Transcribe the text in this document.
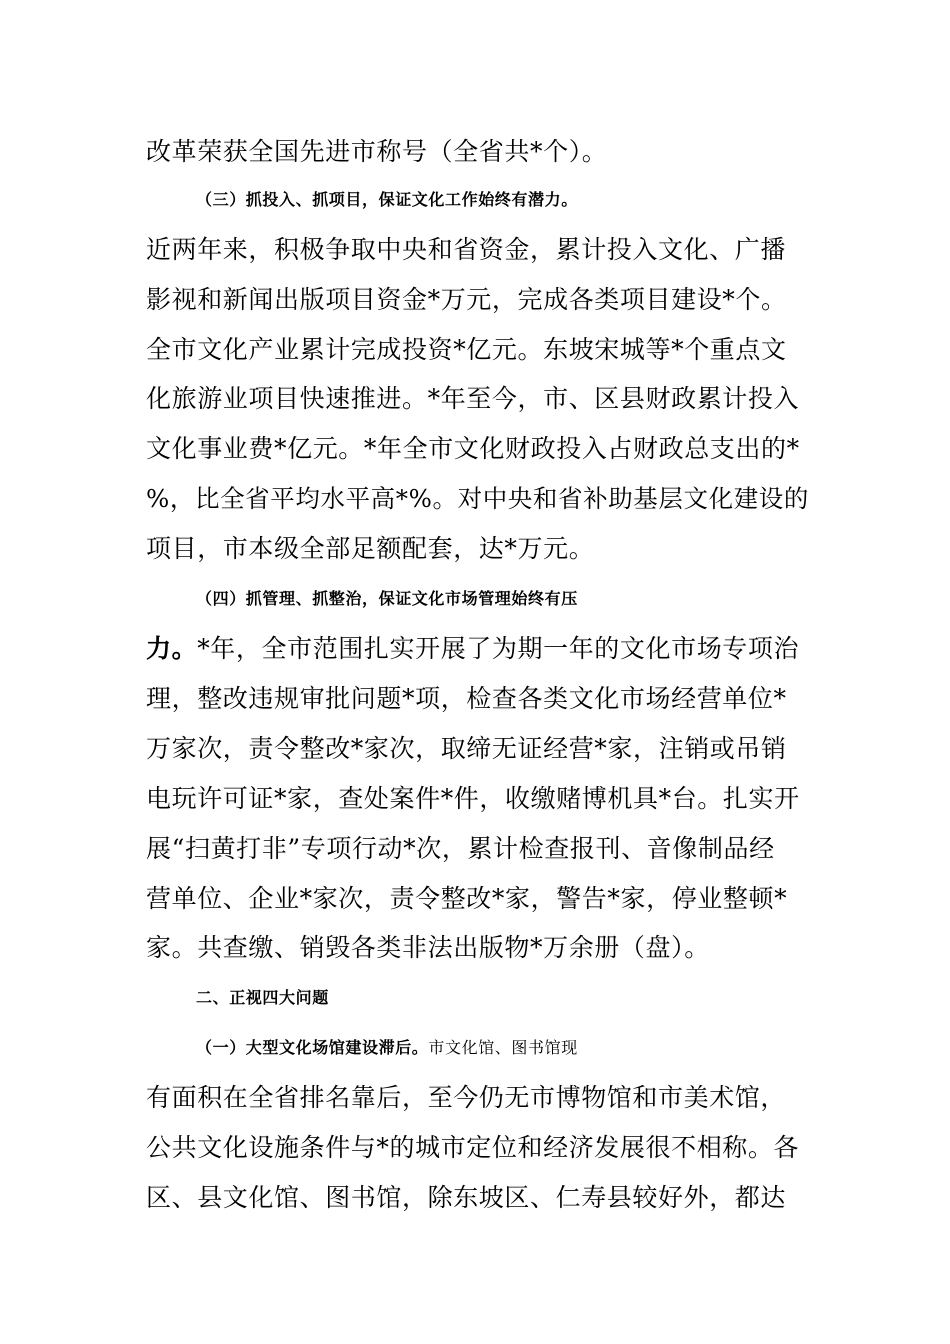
改革荣获全国先进市称号（全省共*个）。
（三）抓投入、抓项目，保证文化工作始终有潜力。
近两年来，积极争取中央和省资金，累计投入文化、广播
影视和新闻出版项目资金*万元，完成各类项目建设*个。
全市文化产业累计完成投资*亿元。东坡宋城等*个重点文
化旅游业项目快速推进。*年至今，市、区县财政累计投入
文化事业费*亿元。*年全市文化财政投入占财政总支出的*
%，比全省平均水平高*%。对中央和省补助基层文化建设的
项目，市本级全部足额配套，达*万元。
（四）抓管理、抓整治，保证文化市场管理始终有压
力。*年，全市范围扎实开展了为期一年的文化市场专项治
理，整改违规审批问题*项，检查各类文化市场经营单位*
万家次，责令整改*家次，取缔无证经营*家，注销或吊销
电玩许可证*家，查处案件*件，收缴赌博机具*台。扎实开
展“扫黄打非”专项行动*次，累计检查报刊、音像制品经
营单位、企业*家次，责令整改*家，警告*家，停业整顿*
家。共查缴、销毁各类非法出版物*万余册（盘）。
二、正视四大问题
（一）大型文化场馆建设滞后。市文化馆、图书馆现
有面积在全省排名靠后，至今仍无市博物馆和市美术馆，
公共文化设施条件与*的城市定位和经济发展很不相称。各
区、县文化馆、图书馆，除东坡区、仁寿县较好外，都达
